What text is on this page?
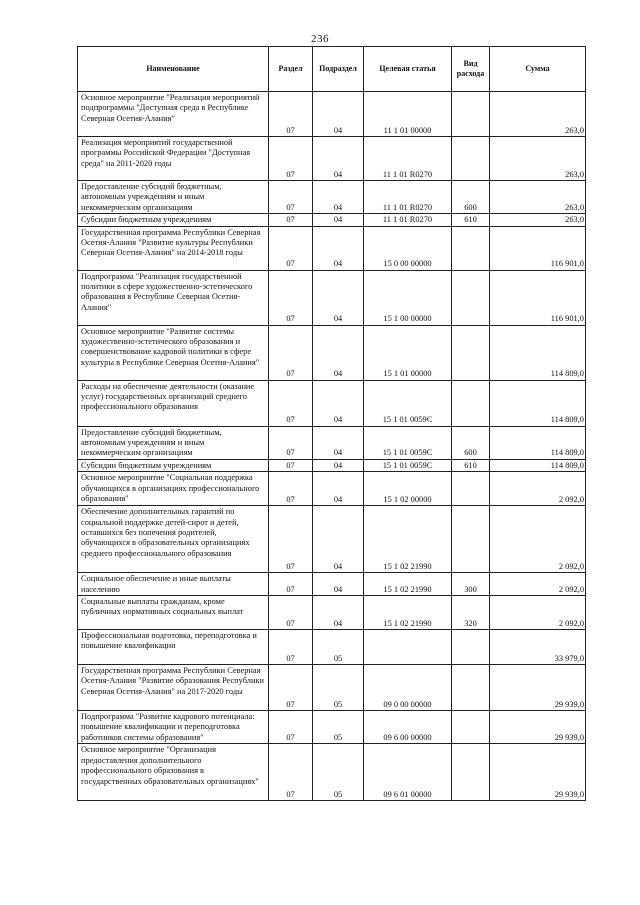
236
Наименование	Раздел	Подраздел	Целевая статья	Вид расхода	Сумма
Основное мероприятие "Реализация мероприятий подпрограммы "Доступная среда в Республике Северная Осетия-Алания"	07	04	11 1 01 00000		263,0
Реализация мероприятий государственной программы Российской Федерации "Доступная среда" на 2011-2020 годы	07	04	11 1 01 R0270		263,0
Предоставление субсидий бюджетным, автономным учреждениям и иным некоммерческим организациям	07	04	11 1 01 R0270	600	263,0
Субсидии бюджетным учреждениям	07	04	11 1 01 R0270	610	263,0
Государственная программа Республики Северная Осетия-Алания "Развитие культуры Республики Северная Осетия-Алания" на 2014-2018 годы	07	04	15 0 00 00000		116 901,0
Подпрограмма "Реализация государственной политики в сфере художественно-эстетического образования в Республике Северная Осетия-Алания"	07	04	15 1 00 00000		116 901,0
Основное мероприятие "Развитие системы художественно-эстетического образования и совершенствование кадровой политики в сфере культуры в Республике Северная Осетия-Алания"	07	04	15 1 01 00000		114 809,0
Расходы на обеспечение деятельности (оказание услуг) государственных организаций среднего профессионального образования	07	04	15 1 01 0059С		114 809,0
Предоставление субсидий бюджетным, автономным учреждениям и иным некоммерческим организациям	07	04	15 1 01 0059С	600	114 809,0
Субсидии бюджетным учреждениям	07	04	15 1 01 0059С	610	114 809,0
Основное мероприятие "Социальная поддержка обучающихся в организациях профессионального образования"	07	04	15 1 02 00000		2 092,0
Обеспечение дополнительных гарантий по социальной поддержке детей-сирот и детей, оставшихся без попечения родителей, обучающихся в образовательных организациях среднего профессионального образования	07	04	15 1 02 21990		2 092,0
Социальное обеспечение и иные выплаты населению	07	04	15 1 02 21990	300	2 092,0
Социальные выплаты гражданам, кроме публичных нормативных социальных выплат	07	04	15 1 02 21990	320	2 092,0
Профессиональная подготовка, переподготовка и повышение квалификации	07	05			33 979,0
Государственная программа Республики Северная Осетия-Алания "Развитие образования Республики Северная Осетия-Алания" на 2017-2020 годы	07	05	09 0 00 00000		29 939,0
Подпрограмма "Развитие кадрового потенциала: повышение квалификации и переподготовка работников системы образования"	07	05	09 6 00 00000		29 939,0
Основное мероприятие "Организация предоставления дополнительного профессионального образования в государственных образовательных организациях"	07	05	09 6 01 00000		29 939,0
